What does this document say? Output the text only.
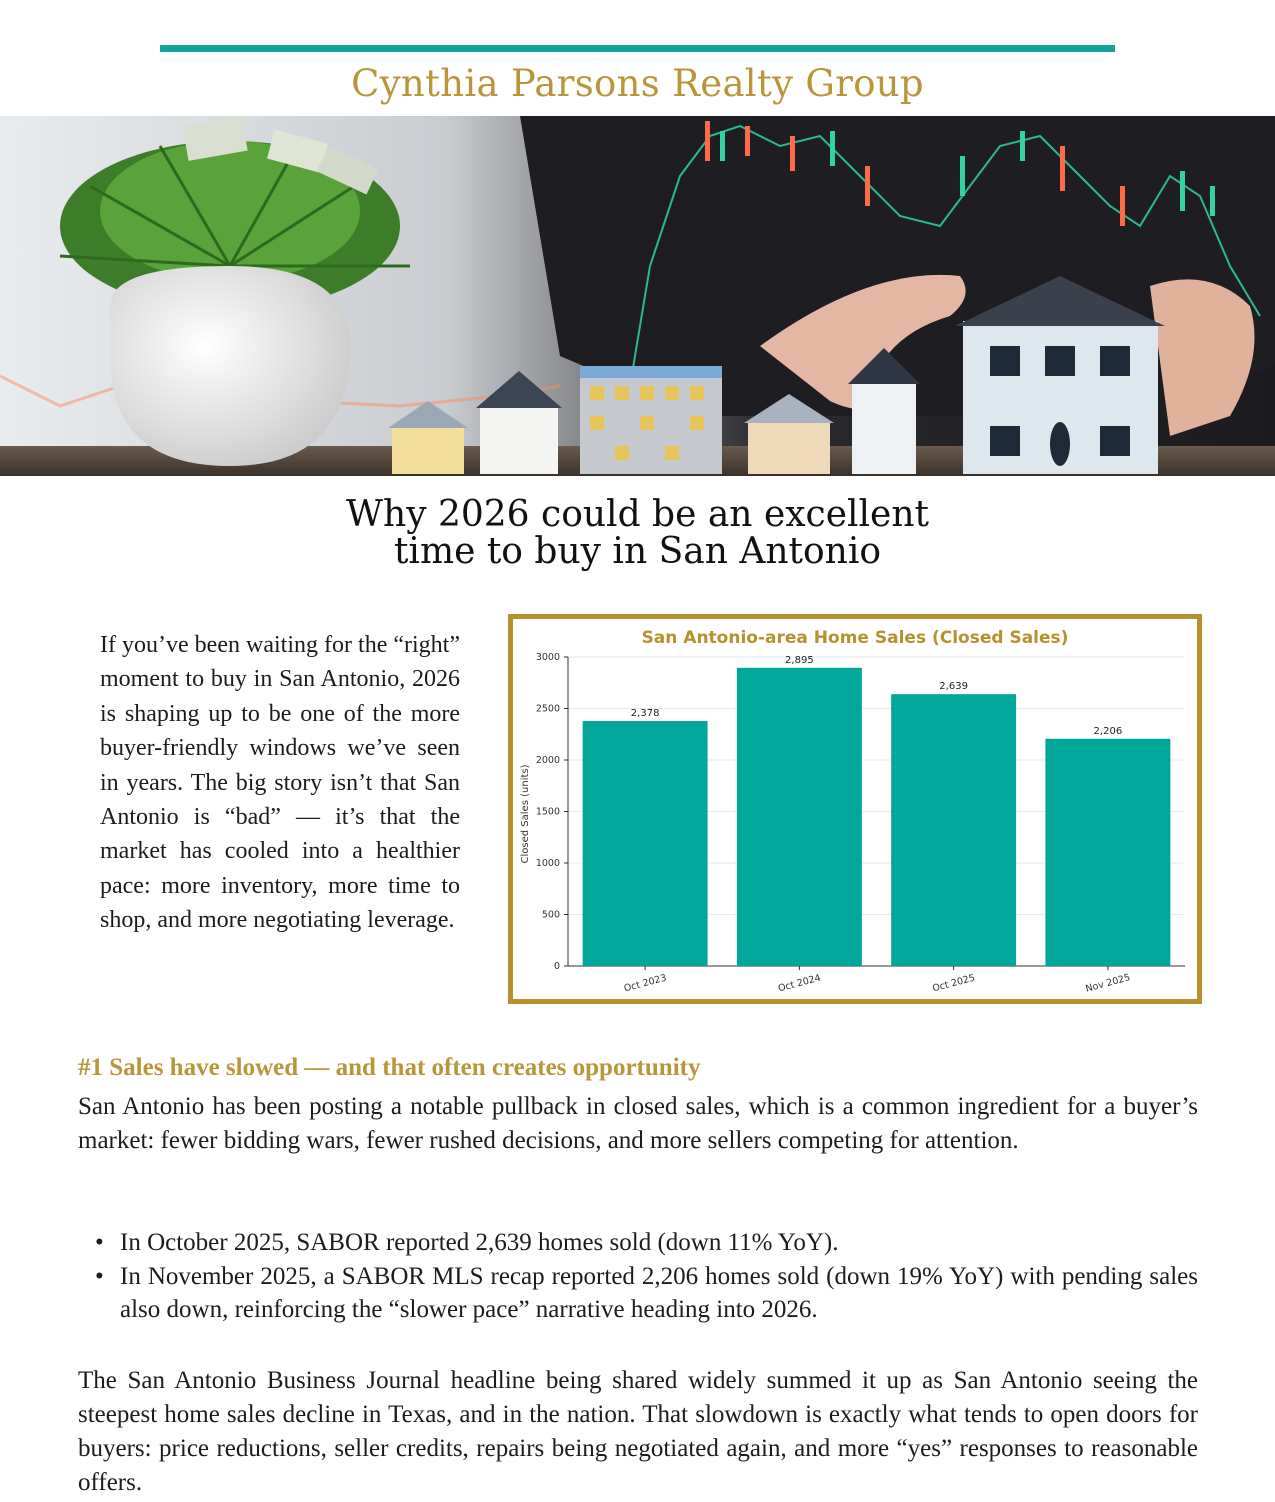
Cynthia Parsons Realty Group
Why 2026 could be an excellent
time to buy in San Antonio

If you’ve been waiting for the “right” moment to buy in San Antonio, 2026 is shaping up to be one of the more buyer-friendly windows we’ve seen in years. The big story isn’t that San Antonio is “bad” — it’s that the market has cooled into a healthier pace: more inventory, more time to shop, and more negotiating leverage.

San Antonio-area Home Sales (Closed Sales)
Closed Sales (units)
0
500
1000
1500
2000
2500
3000
2,378
Oct 2023
2,895
Oct 2024
2,639
Oct 2025
2,206
Nov 2025
#1 Sales have slowed — and that often creates opportunity

San Antonio has been posting a notable pullback in closed sales, which is a common ingredient for a buyer’s market: fewer bidding wars, fewer rushed decisions, and more sellers competing for attention.

• In October 2025, SABOR reported 2,639 homes sold (down 11% YoY).
• In November 2025, a SABOR MLS recap reported 2,206 homes sold (down 19% YoY) with pending sales also down, reinforcing the “slower pace” narrative heading into 2026.

The San Antonio Business Journal headline being shared widely summed it up as San Antonio seeing the steepest home sales decline in Texas, and in the nation. That slowdown is exactly what tends to open doors for buyers: price reductions, seller credits, repairs being negotiated again, and more “yes” responses to reasonable offers.
